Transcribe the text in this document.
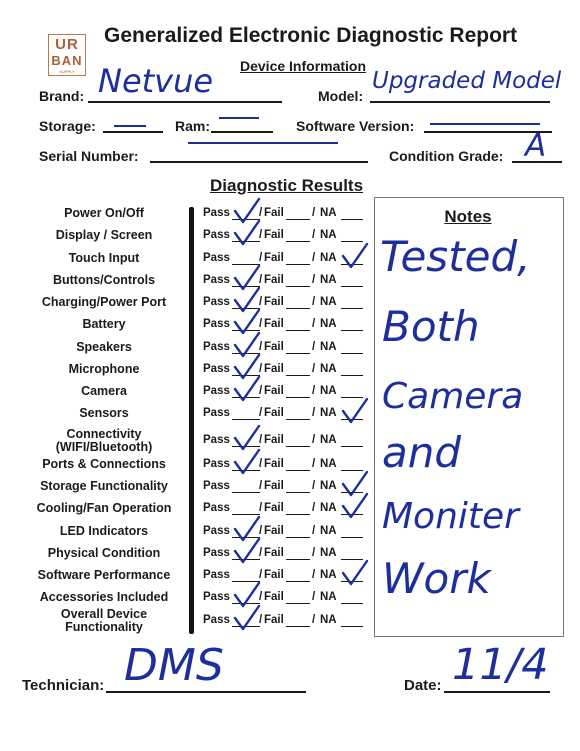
UR
BAN
SUPPLY
Generalized Electronic Diagnostic Report
Device Information
Brand: Netvue	Model:
Upgraded Model
Storage:	Ram:	Software Version:
Serial Number:	Condition Grade: A
Diagnostic Results
Power On/Off	Pass	/ Fail / NA
Display / Screen	Pass	/ Fail / NA
Touch Input	Pass	/ Fail / NA
Buttons/Controls	Pass	/ Fail / NA
Charging/Power Port	Pass	/ Fail / NA
Battery	Pass	/ Fail / NA
Speakers	Pass	/ Fail / NA
Microphone	Pass	/ Fail / NA
Camera	Pass	/ Fail / NA
Sensors	Pass	/ Fail / NA
Connectivity
(WIFI/Bluetooth)	Pass	/ Fail / NA
Ports & Connections	Pass	/ Fail / NA
Storage Functionality	Pass	/ Fail / NA
Cooling/Fan Operation	Pass	/ Fail / NA
LED Indicators	Pass	/ Fail / NA
Physical Condition	Pass	/ Fail / NA
Software Performance	Pass	/ Fail / NA
Accessories Included	Pass	/ Fail / NA
Overall Device
Functionality	Pass	/ Fail / NA
Notes
Tested,
Both
Camera
and
Moniter
Work
Technician: DMS	Date: 11/4
